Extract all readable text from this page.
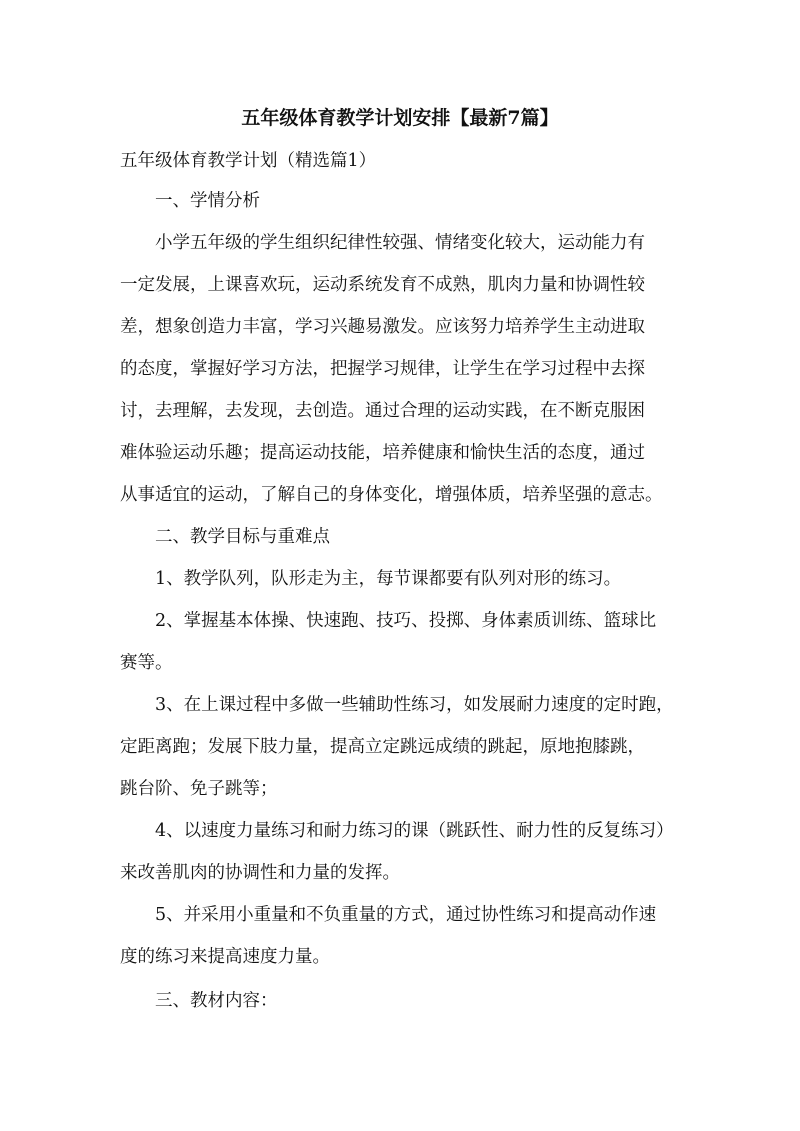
五年级体育教学计划安排【最新7篇】
五年级体育教学计划（精选篇1）
一、学情分析
小学五年级的学生组织纪律性较强、情绪变化较大，运动能力有
一定发展，上课喜欢玩，运动系统发育不成熟，肌肉力量和协调性较
差，想象创造力丰富，学习兴趣易激发。应该努力培养学生主动进取
的态度，掌握好学习方法，把握学习规律，让学生在学习过程中去探
讨，去理解，去发现，去创造。通过合理的运动实践，在不断克服困
难体验运动乐趣；提高运动技能，培养健康和愉快生活的态度，通过
从事适宜的运动，了解自己的身体变化，增强体质，培养坚强的意志。
二、教学目标与重难点
1、教学队列，队形走为主，每节课都要有队列对形的练习。
2、掌握基本体操、快速跑、技巧、投掷、身体素质训练、篮球比
赛等。
3、在上课过程中多做一些辅助性练习，如发展耐力速度的定时跑，
定距离跑；发展下肢力量，提高立定跳远成绩的跳起，原地抱膝跳，
跳台阶、免子跳等；
4、以速度力量练习和耐力练习的课（跳跃性、耐力性的反复练习）
来改善肌肉的协调性和力量的发挥。
5、并采用小重量和不负重量的方式，通过协性练习和提高动作速
度的练习来提高速度力量。
三、教材内容：
